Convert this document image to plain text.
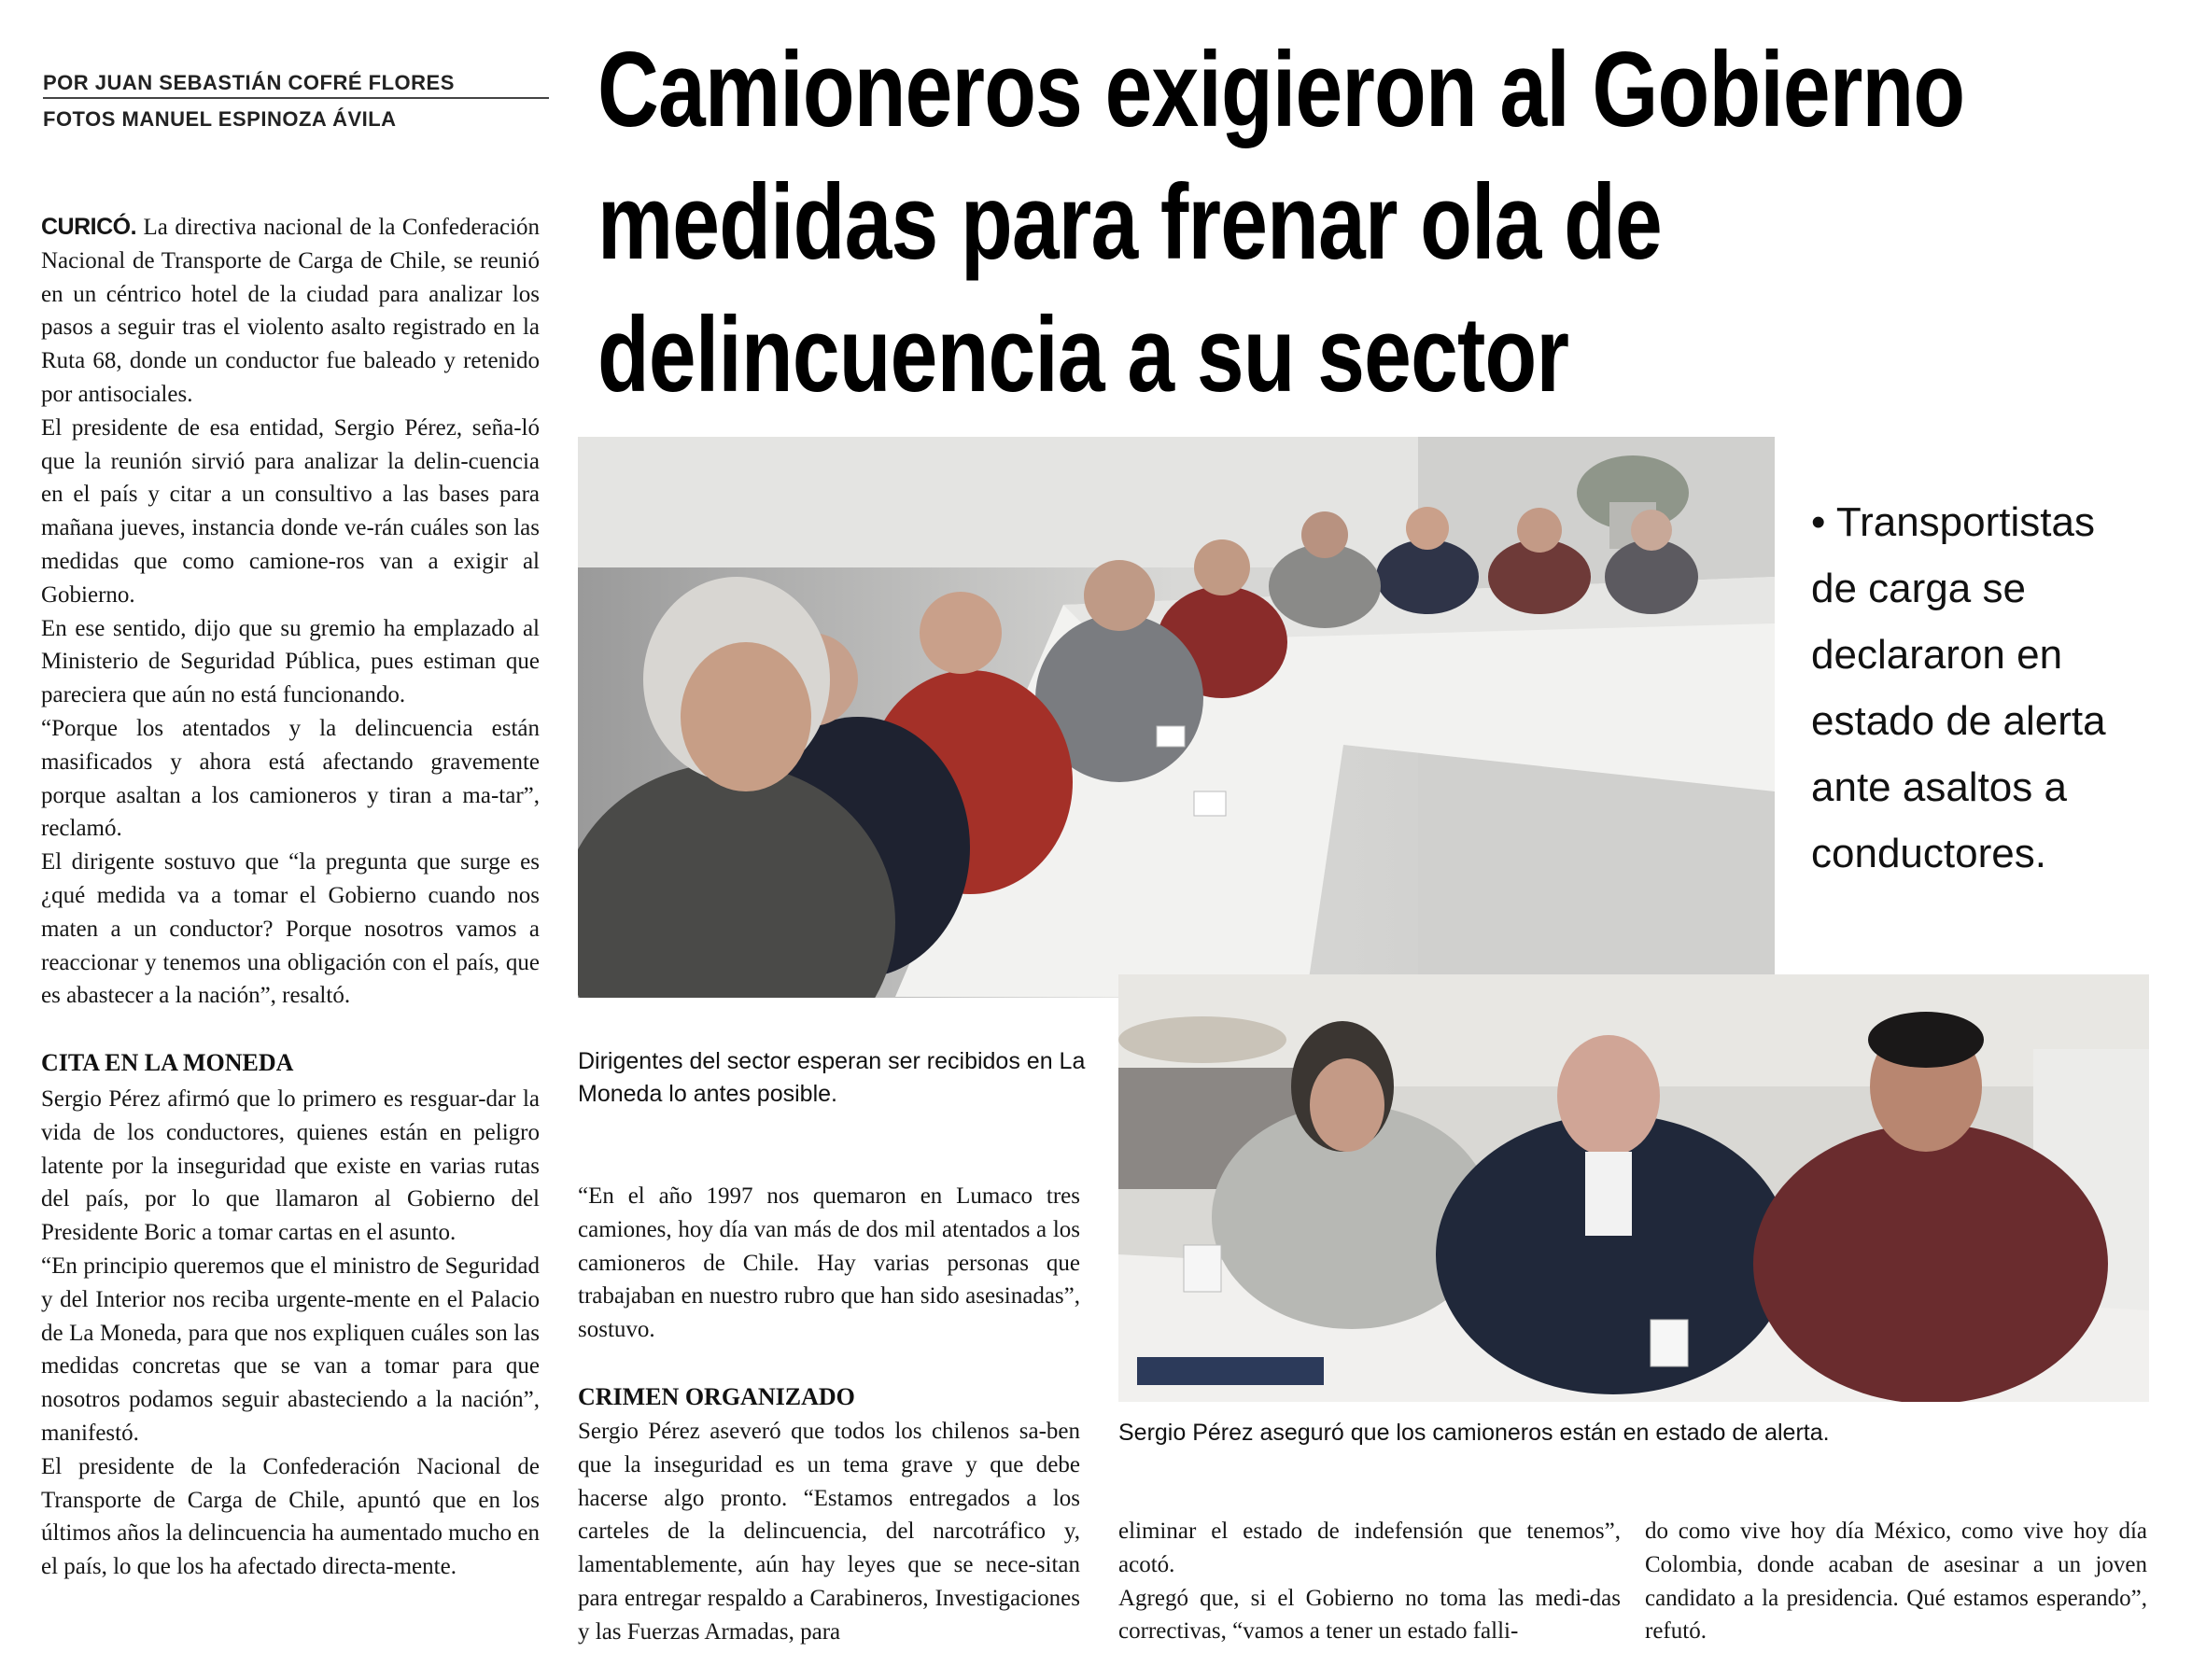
POR JUAN SEBASTIÁN COFRÉ FLORES
FOTOS MANUEL ESPINOZA ÁVILA Camioneros exigieron al Gobierno
medidas para frenar ola de
delincuencia a su sector

CURICÓ. La directiva nacional de la Confederación Nacional de Transporte de Carga de Chile, se reunió en un céntrico hotel de la ciudad para analizar los pasos a seguir tras el violento asalto registrado en la Ruta 68, donde un conductor fue baleado y retenido por antisociales.

El presidente de esa entidad, Sergio Pérez, seña-ló que la reunión sirvió para analizar la delin-cuencia en el país y citar a un consultivo a las bases para mañana jueves, instancia donde ve-rán cuáles son las medidas que como camione-ros van a exigir al Gobierno.

En ese sentido, dijo que su gremio ha emplazado al Ministerio de Seguridad Pública, pues estiman que pareciera que aún no está funcionando.

“Porque los atentados y la delincuencia están masificados y ahora está afectando gravemente porque asaltan a los camioneros y tiran a ma-tar”, reclamó.

El dirigente sostuvo que “la pregunta que surge es ¿qué medida va a tomar el Gobierno cuando nos maten a un conductor? Porque nosotros vamos a reaccionar y tenemos una obligación con el país, que es abastecer a la nación”, resaltó.

CITA EN LA MONEDA

Sergio Pérez afirmó que lo primero es resguar-dar la vida de los conductores, quienes están en peligro latente por la inseguridad que existe en varias rutas del país, por lo que llamaron al Gobierno del Presidente Boric a tomar cartas en el asunto.

“En principio queremos que el ministro de Seguridad y del Interior nos reciba urgente-mente en el Palacio de La Moneda, para que nos expliquen cuáles son las medidas concretas que se van a tomar para que nosotros podamos seguir abasteciendo a la nación”, manifestó.

El presidente de la Confederación Nacional de Transporte de Carga de Chile, apuntó que en los últimos años la delincuencia ha aumentado mucho en el país, lo que los ha afectado directa-mente.

Dirigentes del sector esperan ser recibidos en La Moneda lo antes posible.
• Transportistas
de carga se
declararon en
estado de alerta
ante asaltos a
conductores.
Sergio Pérez aseguró que los camioneros están en estado de alerta.

“En el año 1997 nos quemaron en Lumaco tres camiones, hoy día van más de dos mil atentados a los camioneros de Chile. Hay varias personas que trabajaban en nuestro rubro que han sido asesinadas”, sostuvo.

CRIMEN ORGANIZADO

Sergio Pérez aseveró que todos los chilenos sa-ben que la inseguridad es un tema grave y que debe hacerse algo pronto. “Estamos entregados a los carteles de la delincuencia, del narcotráfico y, lamentablemente, aún hay leyes que se nece-sitan para entregar respaldo a Carabineros, Investigaciones y las Fuerzas Armadas, para

eliminar el estado de indefensión que tenemos”, acotó.

Agregó que, si el Gobierno no toma las medi-das correctivas, “vamos a tener un estado falli-

do como vive hoy día México, como vive hoy día Colombia, donde acaban de asesinar a un joven candidato a la presidencia. Qué estamos esperando”, refutó.
